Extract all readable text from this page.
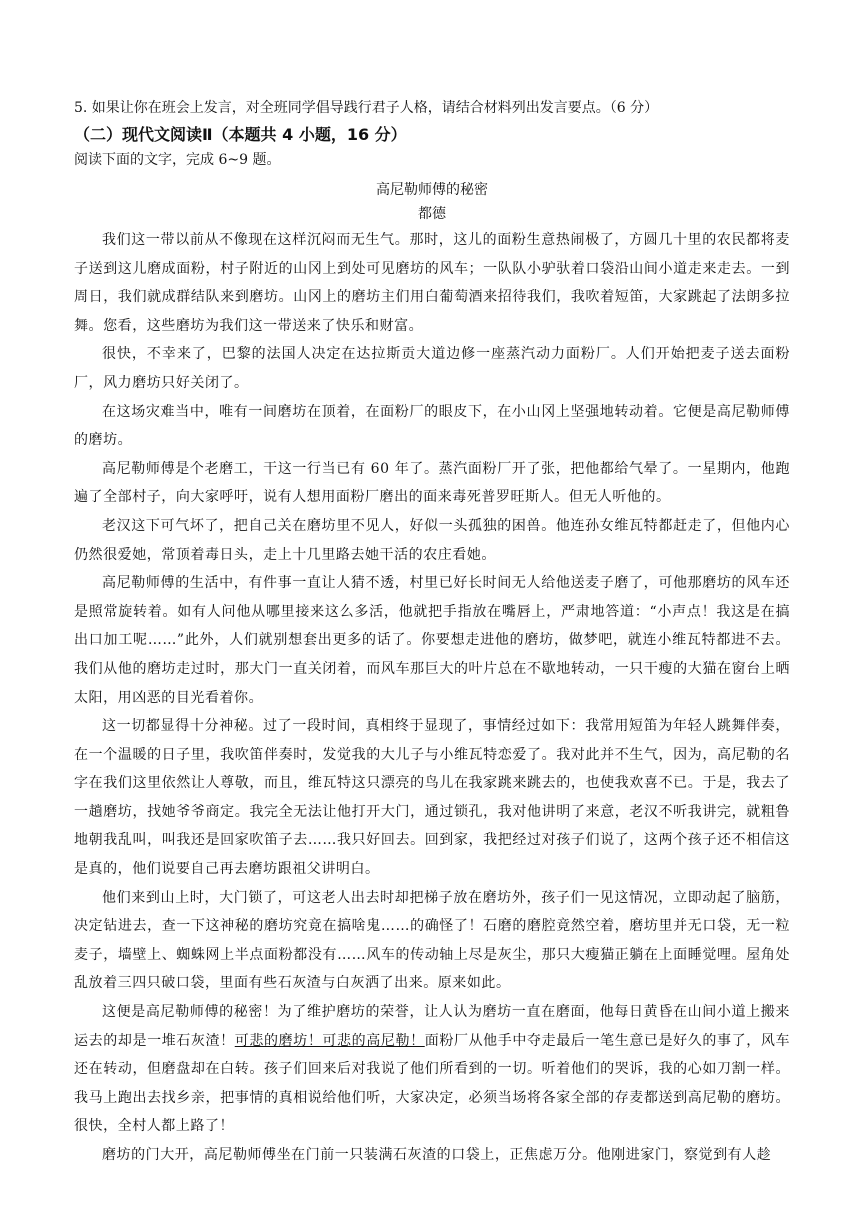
5. 如果让你在班会上发言，对全班同学倡导践行君子人格，请结合材料列出发言要点。（6 分）
（二）现代文阅读Ⅱ（本题共 4 小题，16 分）
阅读下面的文字，完成 6~9 题。
高尼勒师傅的秘密
都德

我们这一带以前从不像现在这样沉闷而无生气。那时，这儿的面粉生意热闹极了，方圆几十里的农民都将麦子送到这儿磨成面粉，村子附近的山冈上到处可见磨坊的风车；一队队小驴驮着口袋沿山间小道走来走去。一到周日，我们就成群结队来到磨坊。山冈上的磨坊主们用白葡萄酒来招待我们，我吹着短笛，大家跳起了法朗多拉舞。您看，这些磨坊为我们这一带送来了快乐和财富。

很快，不幸来了，巴黎的法国人决定在达拉斯贡大道边修一座蒸汽动力面粉厂。人们开始把麦子送去面粉厂，风力磨坊只好关闭了。

在这场灾难当中，唯有一间磨坊在顶着，在面粉厂的眼皮下，在小山冈上坚强地转动着。它便是高尼勒师傅的磨坊。

高尼勒师傅是个老磨工，干这一行当已有 60 年了。蒸汽面粉厂开了张，把他都给气晕了。一星期内，他跑遍了全部村子，向大家呼吁，说有人想用面粉厂磨出的面来毒死普罗旺斯人。但无人听他的。

老汉这下可气坏了，把自己关在磨坊里不见人，好似一头孤独的困兽。他连孙女维瓦特都赶走了，但他内心仍然很爱她，常顶着毒日头，走上十几里路去她干活的农庄看她。

高尼勒师傅的生活中，有件事一直让人猜不透，村里已好长时间无人给他送麦子磨了，可他那磨坊的风车还是照常旋转着。如有人问他从哪里接来这么多活，他就把手指放在嘴唇上，严肃地答道：“小声点！我这是在搞出口加工呢……”此外，人们就别想套出更多的话了。你要想走进他的磨坊，做梦吧，就连小维瓦特都进不去。我们从他的磨坊走过时，那大门一直关闭着，而风车那巨大的叶片总在不歇地转动，一只干瘦的大猫在窗台上晒太阳，用凶恶的目光看着你。

这一切都显得十分神秘。过了一段时间，真相终于显现了，事情经过如下：我常用短笛为年轻人跳舞伴奏，在一个温暖的日子里，我吹笛伴奏时，发觉我的大儿子与小维瓦特恋爱了。我对此并不生气，因为，高尼勒的名字在我们这里依然让人尊敬，而且，维瓦特这只漂亮的鸟儿在我家跳来跳去的，也使我欢喜不已。于是，我去了一趟磨坊，找她爷爷商定。我完全无法让他打开大门，通过锁孔，我对他讲明了来意，老汉不听我讲完，就粗鲁地朝我乱叫，叫我还是回家吹笛子去……我只好回去。回到家，我把经过对孩子们说了，这两个孩子还不相信这是真的，他们说要自己再去磨坊跟祖父讲明白。

他们来到山上时，大门锁了，可这老人出去时却把梯子放在磨坊外，孩子们一见这情况，立即动起了脑筋，决定钻进去，查一下这神秘的磨坊究竟在搞啥鬼……的确怪了！石磨的磨腔竟然空着，磨坊里并无口袋，无一粒麦子，墙壁上、蜘蛛网上半点面粉都没有……风车的传动轴上尽是灰尘，那只大瘦猫正躺在上面睡觉哩。屋角处乱放着三四只破口袋，里面有些石灰渣与白灰洒了出来。原来如此。

这便是高尼勒师傅的秘密！为了维护磨坊的荣誉，让人认为磨坊一直在磨面，他每日黄昏在山间小道上搬来运去的却是一堆石灰渣！可悲的磨坊！可悲的高尼勒！面粉厂从他手中夺走最后一笔生意已是好久的事了，风车还在转动，但磨盘却在白转。孩子们回来后对我说了他们所看到的一切。听着他们的哭诉，我的心如刀割一样。我马上跑出去找乡亲，把事情的真相说给他们听，大家决定，必须当场将各家全部的存麦都送到高尼勒的磨坊。很快，全村人都上路了！

磨坊的门大开，高尼勒师傅坐在门前一只装满石灰渣的口袋上，正焦虑万分。他刚进家门，察觉到有人趁
